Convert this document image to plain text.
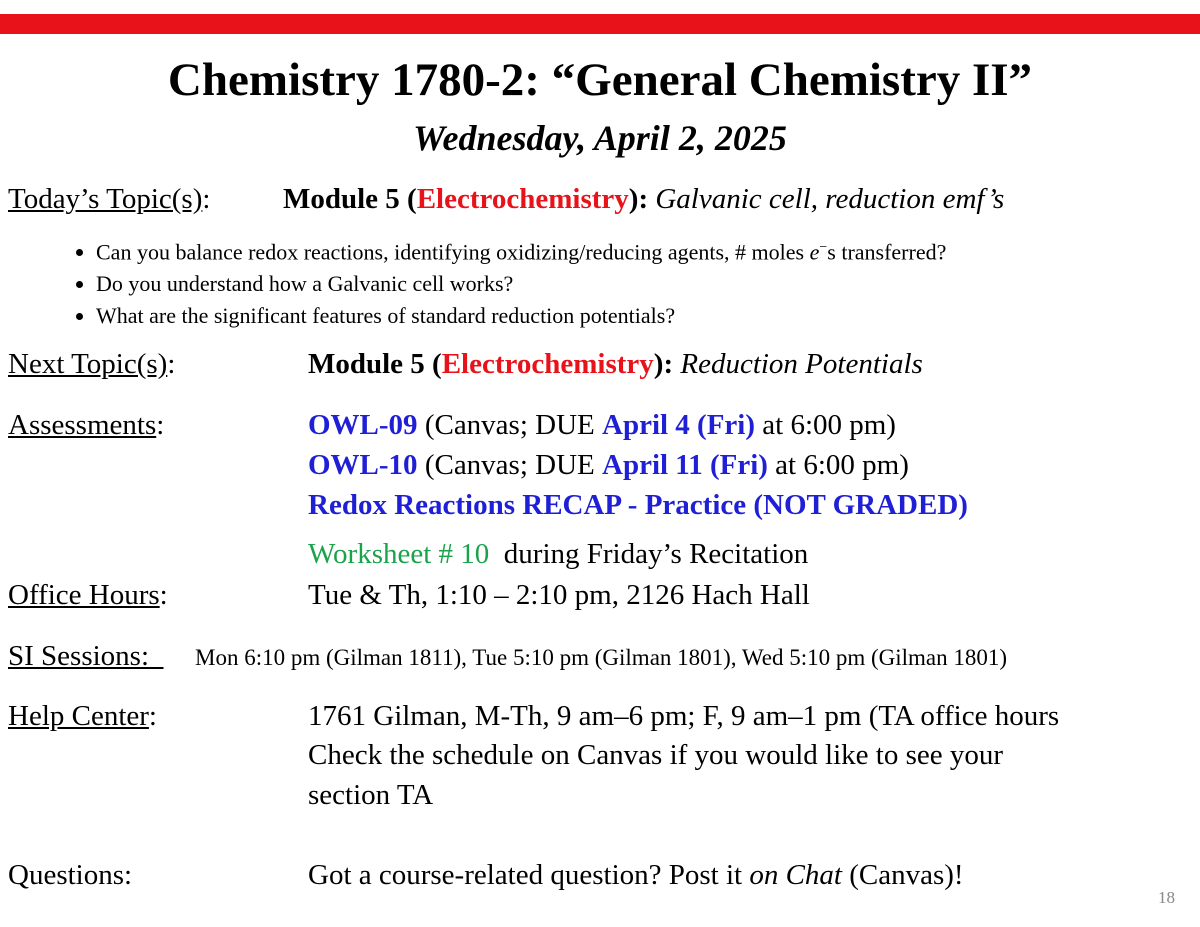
Chemistry 1780-2: “General Chemistry II”
Wednesday, April 2, 2025
Today’s Topic(s):	Module 5 (Electrochemistry): Galvanic cell, reduction emf’s
• Can you balance redox reactions, identifying oxidizing/reducing agents, # moles e−s transferred?
• Do you understand how a Galvanic cell works?
• What are the significant features of standard reduction potentials?
Next Topic(s):	Module 5 (Electrochemistry): Reduction Potentials
Assessments:	OWL-09 (Canvas; DUE April 4 (Fri) at 6:00 pm)
OWL-10 (Canvas; DUE April 11 (Fri) at 6:00 pm)
Redox Reactions RECAP - Practice (NOT GRADED)
Worksheet # 10 during Friday’s Recitation
Office Hours:	Tue & Th, 1:10 – 2:10 pm, 2126 Hach Hall
SI Sessions:	Mon 6:10 pm (Gilman 1811), Tue 5:10 pm (Gilman 1801), Wed 5:10 pm (Gilman 1801)
Help Center:	1761 Gilman, M-Th, 9 am–6 pm; F, 9 am–1 pm (TA office hours
Check the schedule on Canvas if you would like to see your
section TA
Questions:	Got a course-related question? Post it on Chat (Canvas)!
18
